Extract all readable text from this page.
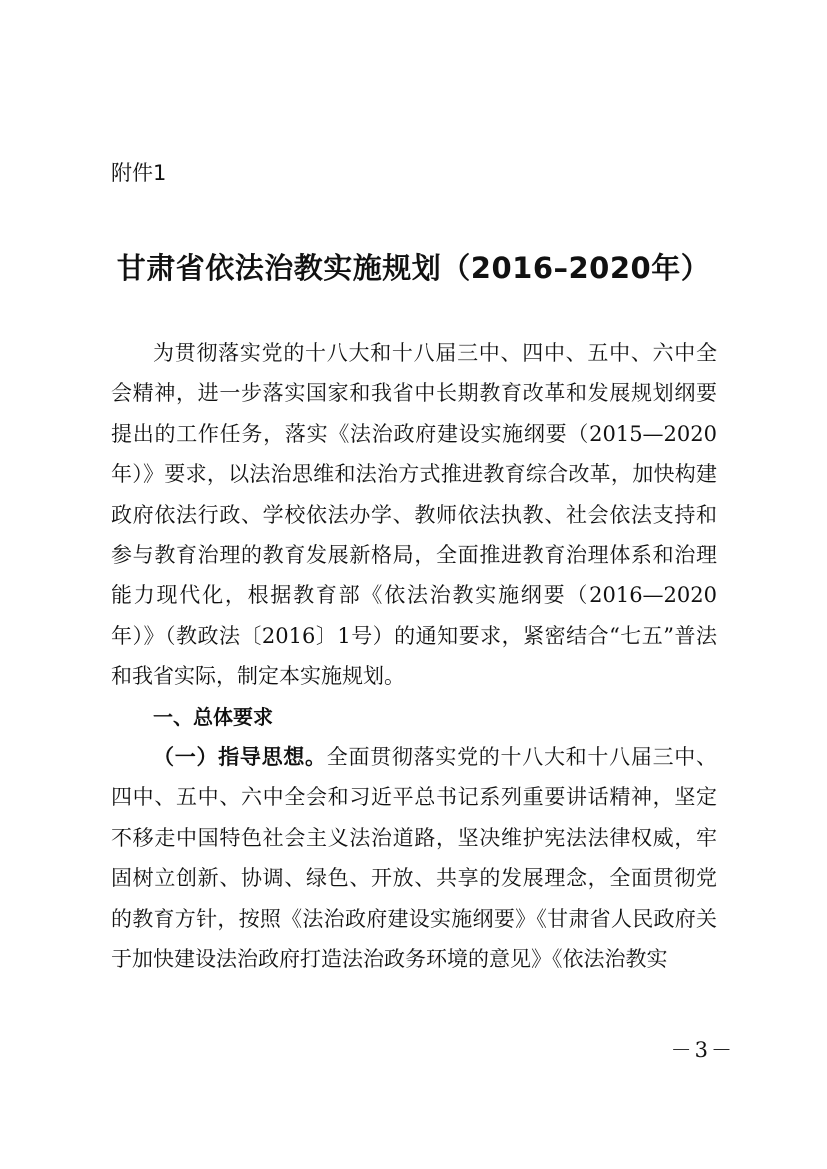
附件1

甘肃省依法治教实施规划（2016–2020年）

为贯彻落实党的十八大和十八届三中、四中、五中、六中全会精神，进一步落实国家和我省中长期教育改革和发展规划纲要提出的工作任务，落实《法治政府建设实施纲要（2015—2020年）》要求，以法治思维和法治方式推进教育综合改革，加快构建政府依法行政、学校依法办学、教师依法执教、社会依法支持和参与教育治理的教育发展新格局，全面推进教育治理体系和治理能力现代化，根据教育部《依法治教实施纲要（2016—2020年）》（教政法〔2016〕1号）的通知要求，紧密结合“七五”普法和我省实际，制定本实施规划。

一、总体要求

（一）指导思想。全面贯彻落实党的十八大和十八届三中、四中、五中、六中全会和习近平总书记系列重要讲话精神，坚定不移走中国特色社会主义法治道路，坚决维护宪法法律权威，牢固树立创新、协调、绿色、开放、共享的发展理念，全面贯彻党的教育方针，按照《法治政府建设实施纲要》《甘肃省人民政府关于加快建设法治政府打造法治政务环境的意见》《依法治教实

－3－
